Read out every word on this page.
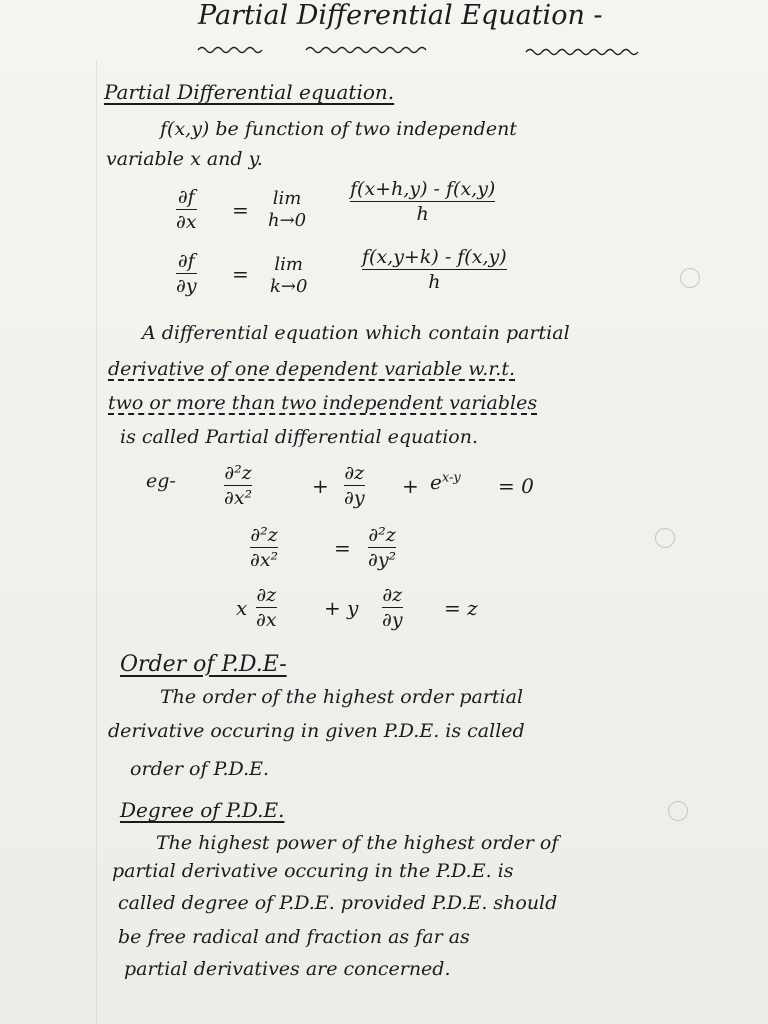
Partial Differential Equation -
Partial Differential equation.
f(x,y) be function of two independent
variable x and y.
∂f
∂x = lim
h→0
f(x+h,y) - f(x,y)
h
∂f
∂y = lim
k→0
f(x,y+k) - f(x,y)
h
A differential equation which contain partial
derivative of one dependent variable w.r.t.
two or more than two independent variables
is called Partial differential equation.
eg-	∂²z
∂x²	+
∂z
$\partial y + e^{x-y} = 0$
∂²z
∂x²	=
∂²z
∂y²
x
∂z
∂x + y
∂z
∂y = z
Order of P.D.E-
The order of the highest order partial
derivative occuring in given P.D.E. is called
order of P.D.E.
Degree of P.D.E.
The highest power of the highest order of
partial derivative occuring in the P.D.E. is
called degree of P.D.E. provided P.D.E. should
be free radical and fraction as far as
partial derivatives are concerned.
